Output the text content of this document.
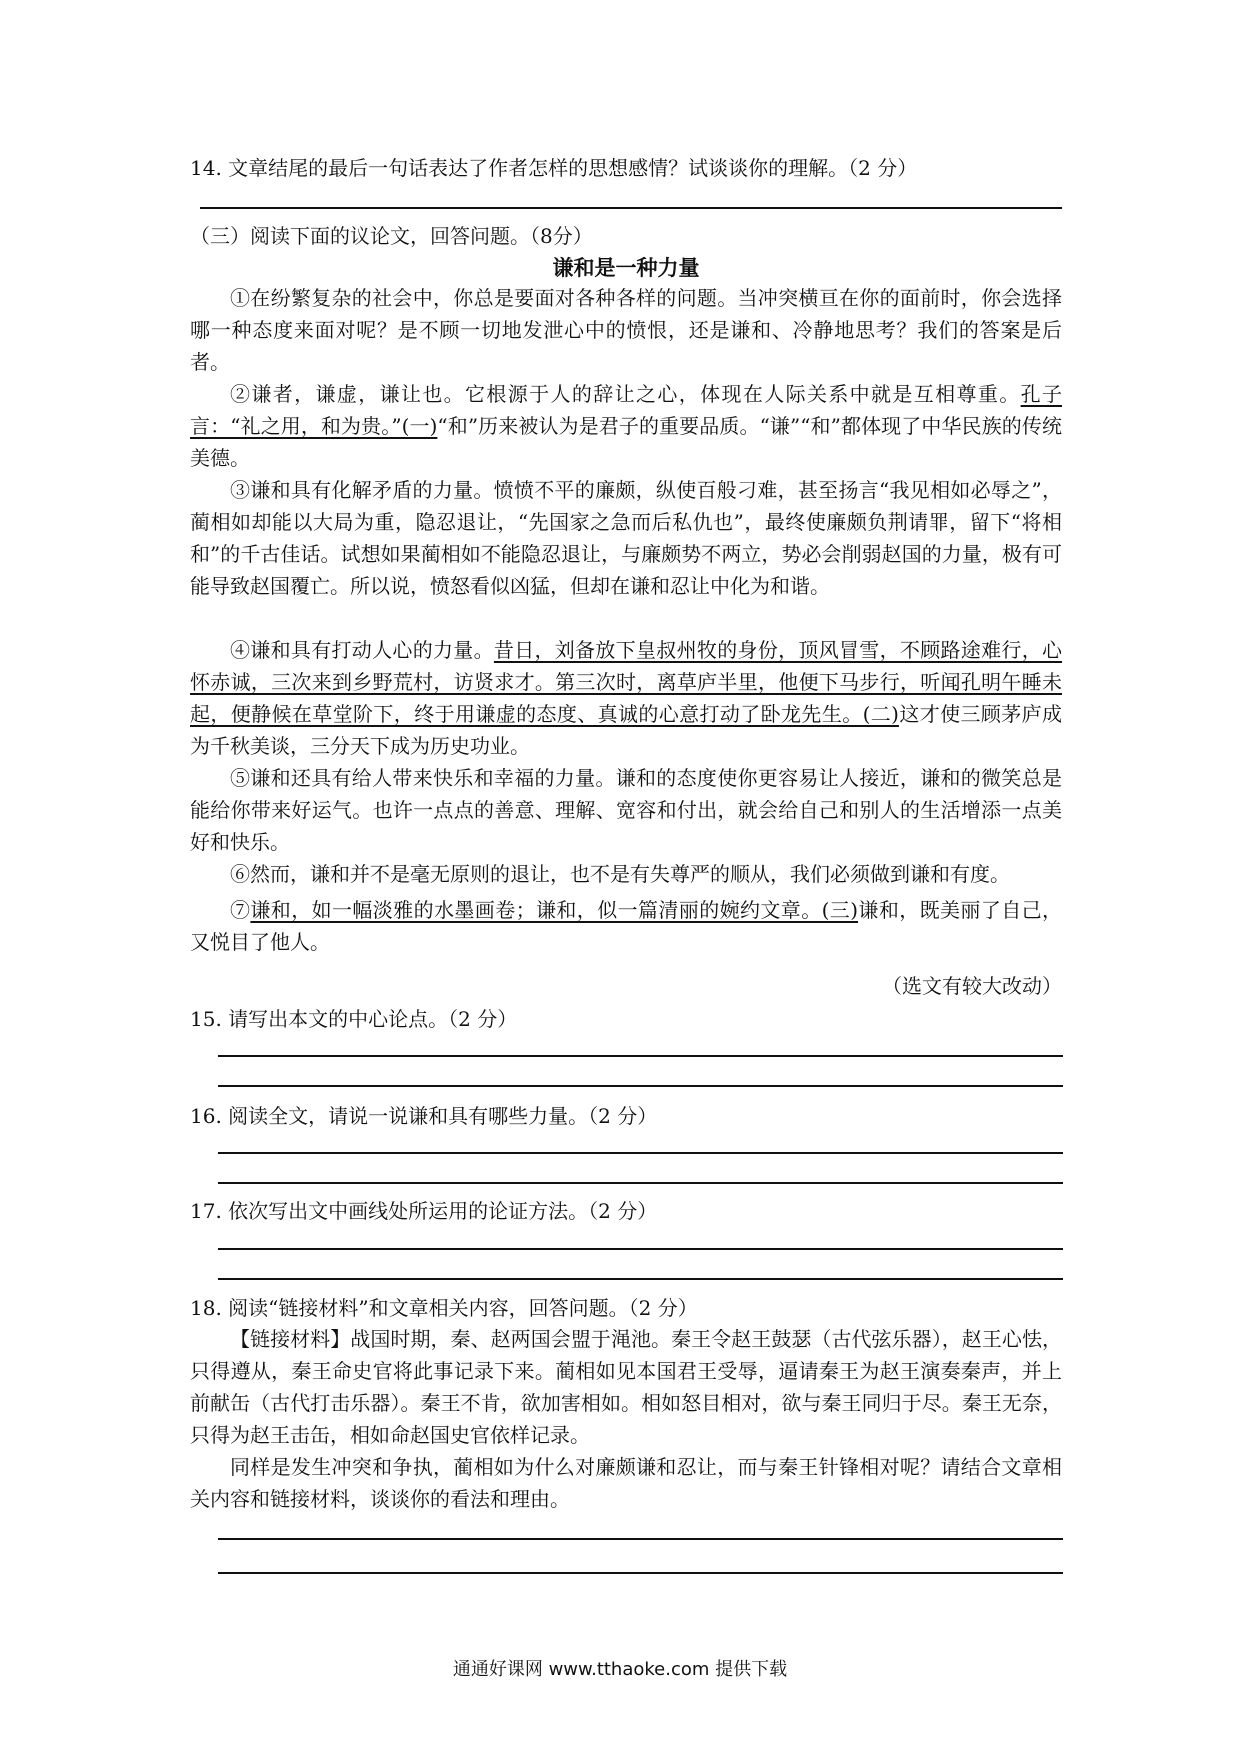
14. 文章结尾的最后一句话表达了作者怎样的思想感情？试谈谈你的理解。（2 分）
（三）阅读下面的议论文，回答问题。（8分）
谦和是一种力量
①在纷繁复杂的社会中，你总是要面对各种各样的问题。当冲突横亘在你的面前时，你会选择哪一种态度来面对呢？是不顾一切地发泄心中的愤恨，还是谦和、冷静地思考？我们的答案是后者。
②谦者，谦虚，谦让也。它根源于人的辞让之心，体现在人际关系中就是互相尊重。孔子言：“礼之用，和为贵。”(一)“和”历来被认为是君子的重要品质。“谦”“和”都体现了中华民族的传统美德。
③谦和具有化解矛盾的力量。愤愤不平的廉颇，纵使百般刁难，甚至扬言“我见相如必辱之”，蔺相如却能以大局为重，隐忍退让，“先国家之急而后私仇也”，最终使廉颇负荆请罪，留下“将相和”的千古佳话。试想如果蔺相如不能隐忍退让，与廉颇势不两立，势必会削弱赵国的力量，极有可能导致赵国覆亡。所以说，愤怒看似凶猛，但却在谦和忍让中化为和谐。
④谦和具有打动人心的力量。昔日，刘备放下皇叔州牧的身份，顶风冒雪，不顾路途难行，心怀赤诚，三次来到乡野荒村，访贤求才。第三次时，离草庐半里，他便下马步行，听闻孔明午睡未起，便静候在草堂阶下，终于用谦虚的态度、真诚的心意打动了卧龙先生。(二)这才使三顾茅庐成为千秋美谈，三分天下成为历史功业。
⑤谦和还具有给人带来快乐和幸福的力量。谦和的态度使你更容易让人接近，谦和的微笑总是能给你带来好运气。也许一点点的善意、理解、宽容和付出，就会给自己和别人的生活增添一点美好和快乐。
⑥然而，谦和并不是毫无原则的退让，也不是有失尊严的顺从，我们必须做到谦和有度。
⑦谦和，如一幅淡雅的水墨画卷；谦和，似一篇清丽的婉约文章。(三)谦和，既美丽了自己，又悦目了他人。
（选文有较大改动）
15. 请写出本文的中心论点。（2 分）
16. 阅读全文，请说一说谦和具有哪些力量。（2 分）
17. 依次写出文中画线处所运用的论证方法。（2 分）
18. 阅读“链接材料”和文章相关内容，回答问题。（2 分）
【链接材料】战国时期，秦、赵两国会盟于渑池。秦王令赵王鼓瑟（古代弦乐器），赵王心怯，只得遵从，秦王命史官将此事记录下来。蔺相如见本国君王受辱，逼请秦王为赵王演奏秦声，并上前献缶（古代打击乐器）。秦王不肯，欲加害相如。相如怒目相对，欲与秦王同归于尽。秦王无奈，只得为赵王击缶，相如命赵国史官依样记录。
同样是发生冲突和争执，蔺相如为什么对廉颇谦和忍让，而与秦王针锋相对呢？请结合文章相关内容和链接材料，谈谈你的看法和理由。
通通好课网 www.tthaoke.com 提供下载
